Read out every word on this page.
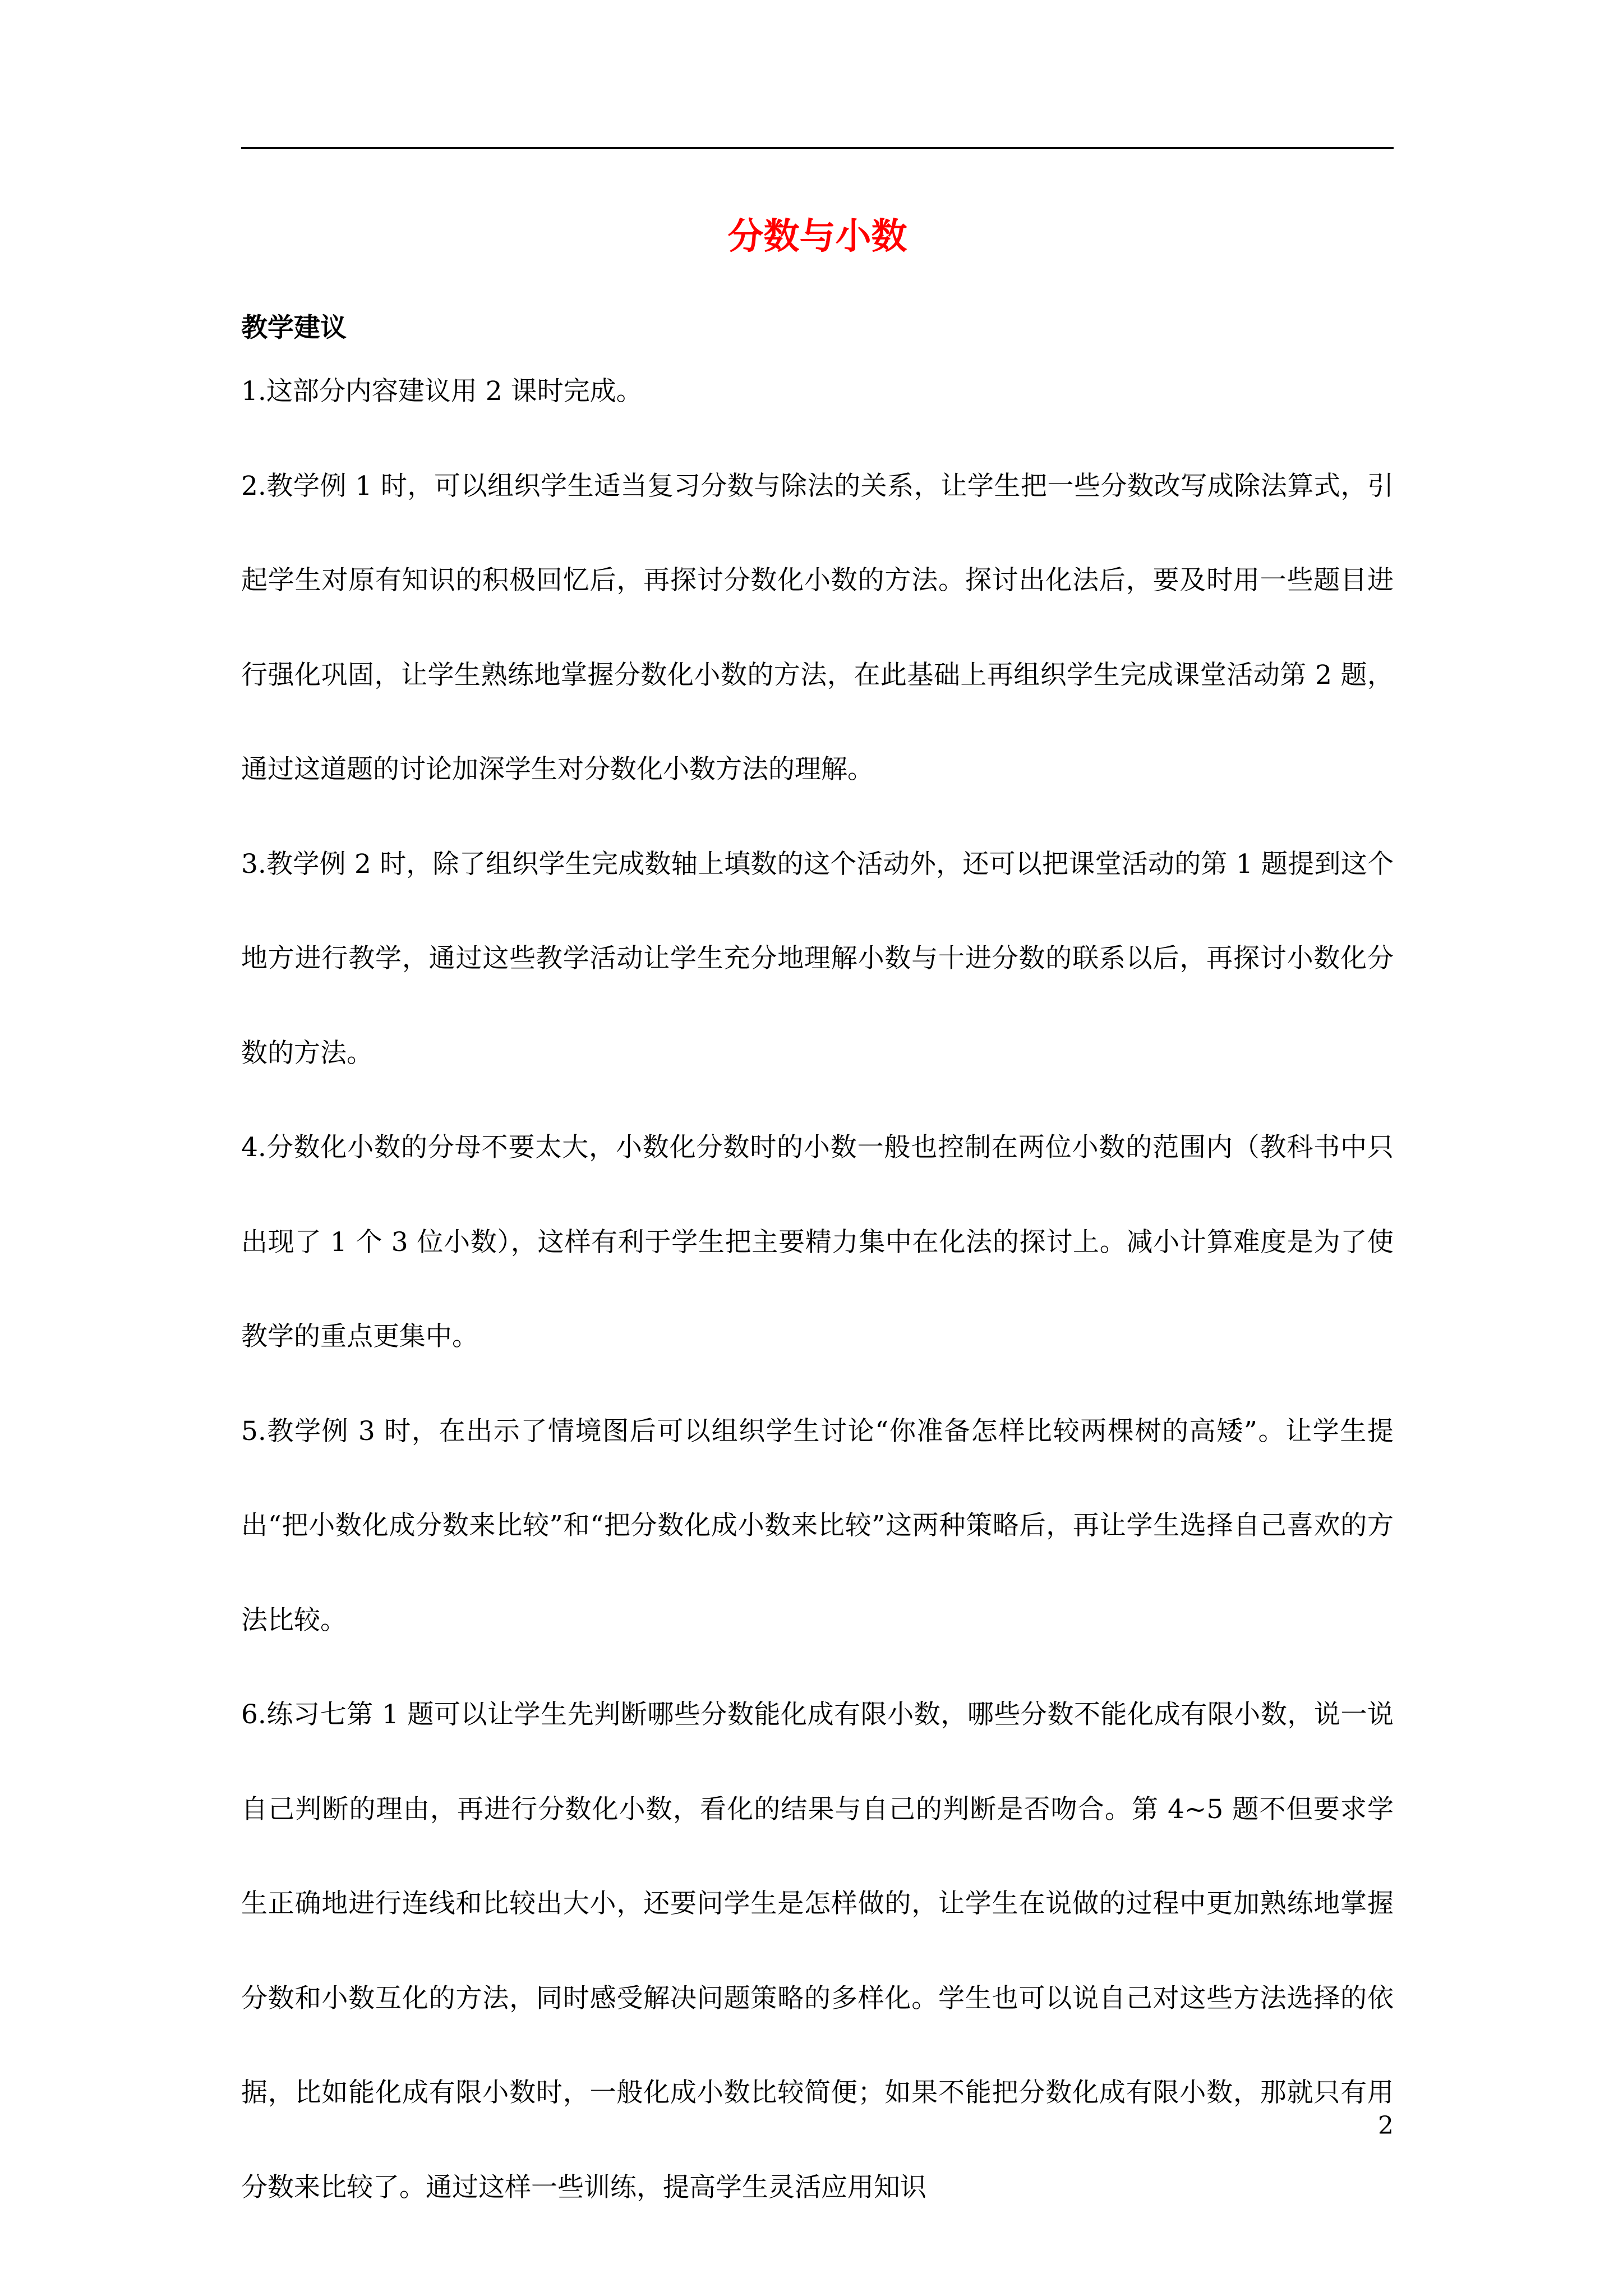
分数与小数
教学建议

1.这部分内容建议用 2 课时完成。

2.教学例 1 时，可以组织学生适当复习分数与除法的关系，让学生把一些分数改写成除法算式，引起学生对原有知识的积极回忆后，再探讨分数化小数的方法。探讨出化法后，要及时用一些题目进行强化巩固，让学生熟练地掌握分数化小数的方法，在此基础上再组织学生完成课堂活动第 2 题，通过这道题的讨论加深学生对分数化小数方法的理解。

3.教学例 2 时，除了组织学生完成数轴上填数的这个活动外，还可以把课堂活动的第 1 题提到这个地方进行教学，通过这些教学活动让学生充分地理解小数与十进分数的联系以后，再探讨小数化分数的方法。

4.分数化小数的分母不要太大，小数化分数时的小数一般也控制在两位小数的范围内（教科书中只出现了 1 个 3 位小数），这样有利于学生把主要精力集中在化法的探讨上。减小计算难度是为了使教学的重点更集中。

5.教学例 3 时，在出示了情境图后可以组织学生讨论“你准备怎样比较两棵树的高矮”。让学生提出“把小数化成分数来比较”和“把分数化成小数来比较”这两种策略后，再让学生选择自己喜欢的方法比较。

6.练习七第 1 题可以让学生先判断哪些分数能化成有限小数，哪些分数不能化成有限小数，说一说自己判断的理由，再进行分数化小数，看化的结果与自己的判断是否吻合。第 4~5 题不但要求学生正确地进行连线和比较出大小，还要问学生是怎样做的，让学生在说做的过程中更加熟练地掌握分数和小数互化的方法，同时感受解决问题策略的多样化。学生也可以说自己对这些方法选择的依据，比如能化成有限小数时，一般化成小数比较简便；如果不能把分数化成有限小数，那就只有用分数来比较了。通过这样一些训练，提高学生灵活应用知识

2
